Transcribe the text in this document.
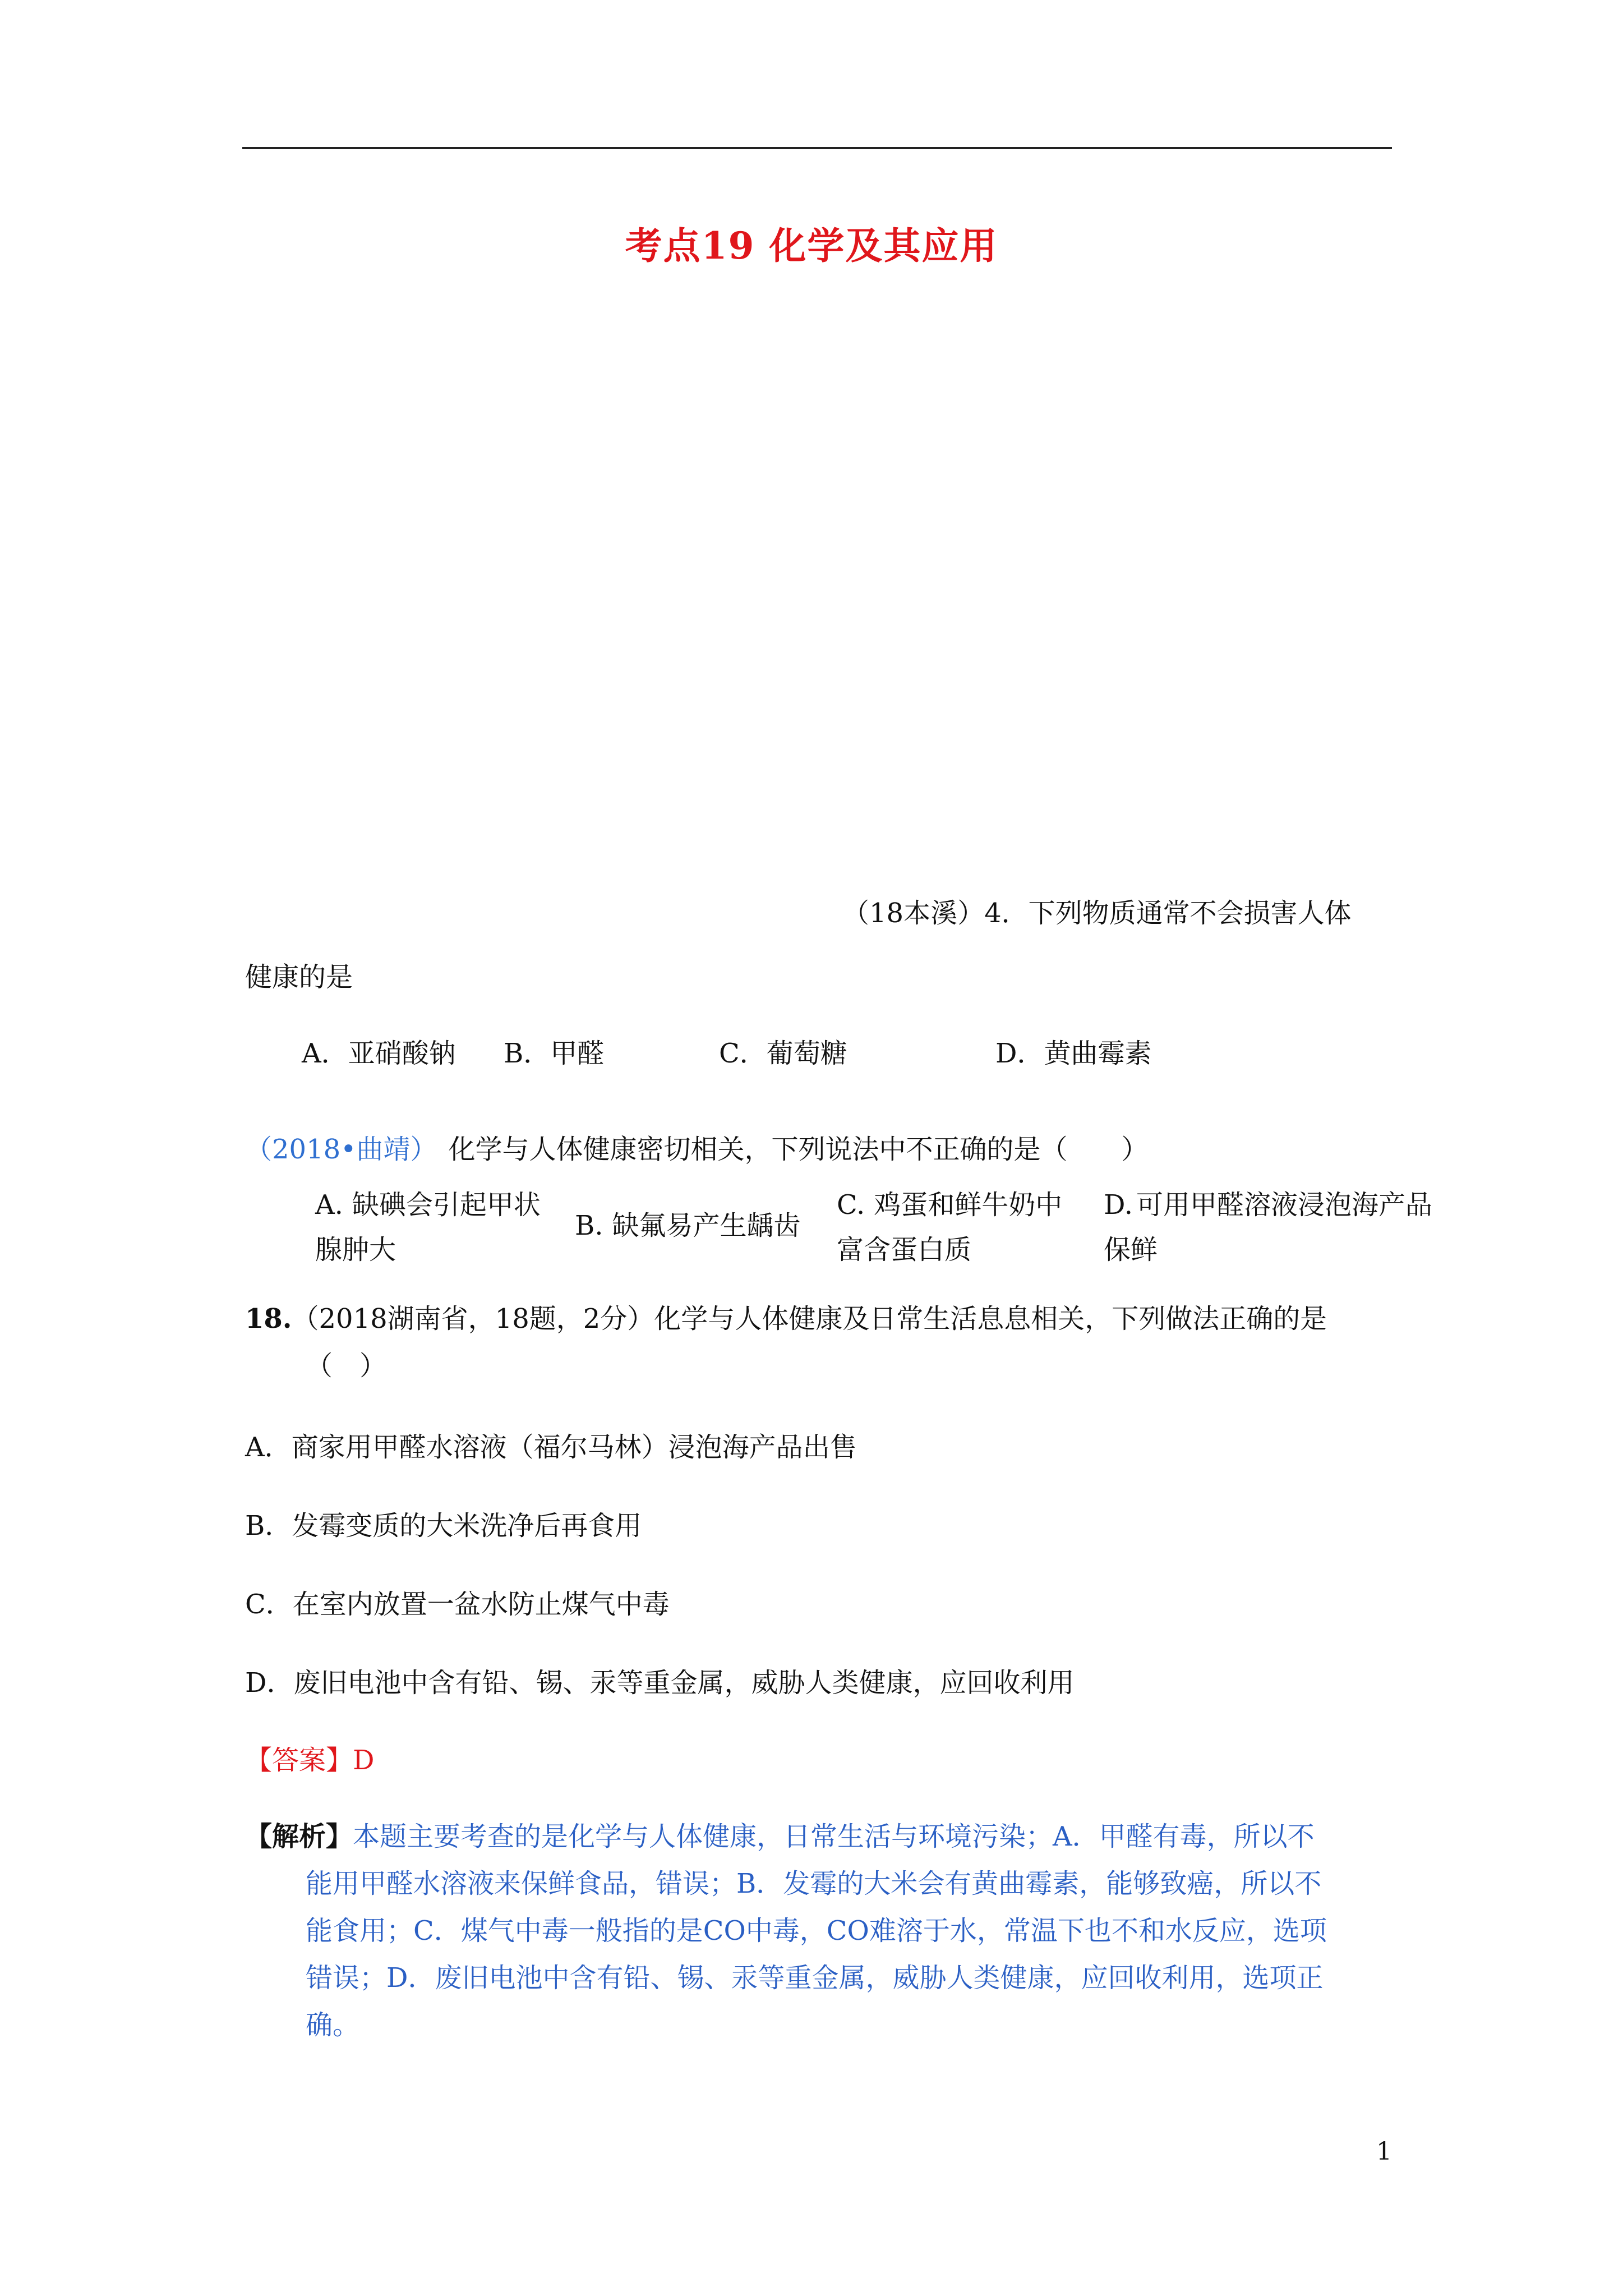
考点19 化学及其应用
（18本溪）4．下列物质通常不会损害人体
健康的是
A．亚硝酸钠 B．甲醛	C．葡萄糖	D．黄曲霉素
（2018•曲靖） 化学与人体健康密切相关，下列说法中不正确的是（　　）
A. 缺碘会引起甲状
腺肿大
B. 缺氟易产生龋齿
C. 鸡蛋和鲜牛奶中
富含蛋白质
D. 可用甲醛溶液浸泡海产品
保鲜
18.（2018湖南省，18题，2分）化学与人体健康及日常生活息息相关，下列做法正确的是
（　）
A．商家用甲醛水溶液（福尔马林）浸泡海产品出售
B．发霉变质的大米洗净后再食用
C．在室内放置一盆水防止煤气中毒
D．废旧电池中含有铅、锡、汞等重金属，威胁人类健康，应回收利用
【答案】D
【解析】本题主要考查的是化学与人体健康，日常生活与环境污染；A．甲醛有毒，所以不
能用甲醛水溶液来保鲜食品，错误；B．发霉的大米会有黄曲霉素，能够致癌，所以不
能食用；C．煤气中毒一般指的是CO中毒，CO难溶于水，常温下也不和水反应，选项
错误；D．废旧电池中含有铅、锡、汞等重金属，威胁人类健康，应回收利用，选项正
确。
1
